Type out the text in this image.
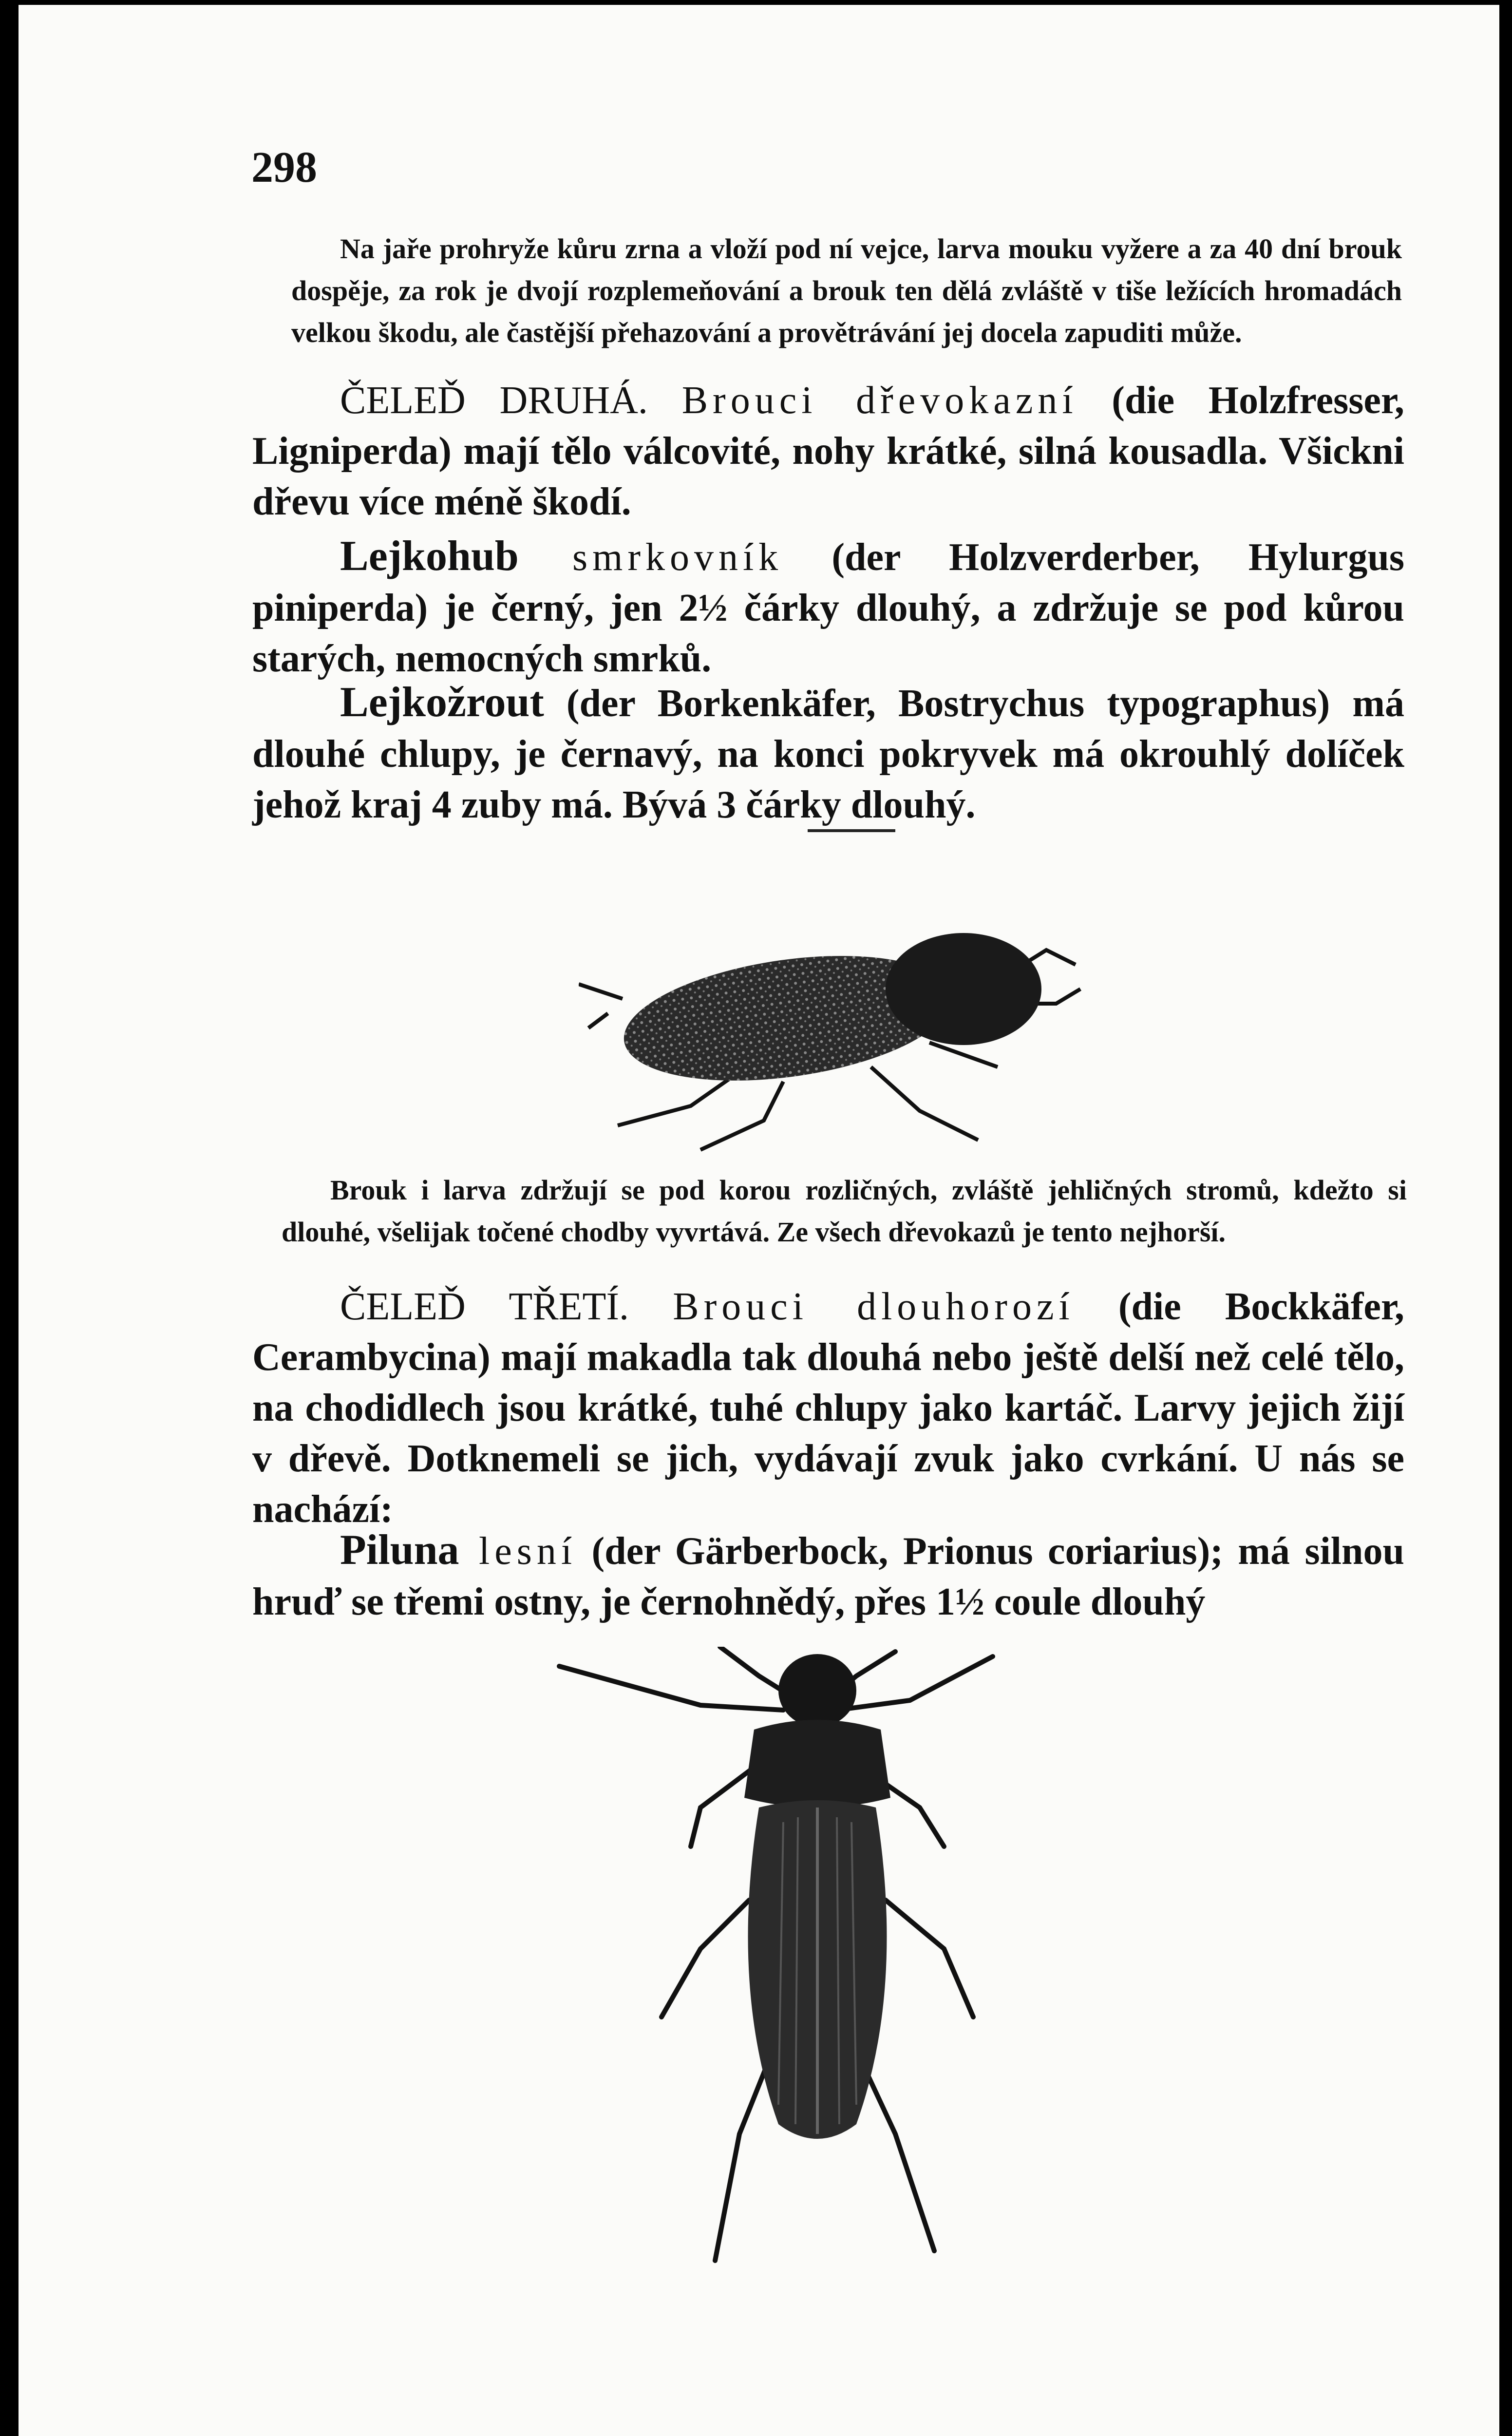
298
Na jaře prohryže kůru zrna a vloží pod ní vejce, larva mouku vyžere a za 40 dní brouk dospěje, za rok je dvojí rozplemeňování a brouk ten dělá zvláště v tiše ležících hromadách velkou škodu, ale častější přehazování a provětrávání jej docela zapuditi může.
ČELEĎ DRUHÁ. Brouci dřevokazní (die Holzfresser, Ligniperda) mají tělo válcovité, nohy krátké, silná kousadla. Všickni dřevu více méně škodí.
Lejkohub smrkovník (der Holzverderber, Hylurgus piniperda) je černý, jen 2½ čárky dlouhý, a zdržuje se pod kůrou starých, nemocných smrků.
Lejkožrout (der Borkenkäfer, Bostrychus typographus) má dlouhé chlupy, je černavý, na konci pokryvek má okrouhlý dolíček jehož kraj 4 zuby má. Bývá 3 čárky dlouhý.
Brouk i larva zdržují se pod korou rozličných, zvláště jehličných stromů, kdežto si dlouhé, všelijak točené chodby vyvrtává. Ze všech dřevokazů je tento nejhorší.
ČELEĎ TŘETÍ. Brouci dlouhorozí (die Bockkäfer, Cerambycina) mají makadla tak dlouhá nebo ještě delší než celé tělo, na chodidlech jsou krátké, tuhé chlupy jako kartáč. Larvy jejich žijí v dřevě. Dotknemeli se jich, vydávají zvuk jako cvrkání. U nás se nachází:
Piluna lesní (der Gärberbock, Prionus coriarius); má silnou hruď se třemi ostny, je černohnědý, přes 1½ coule dlouhý
